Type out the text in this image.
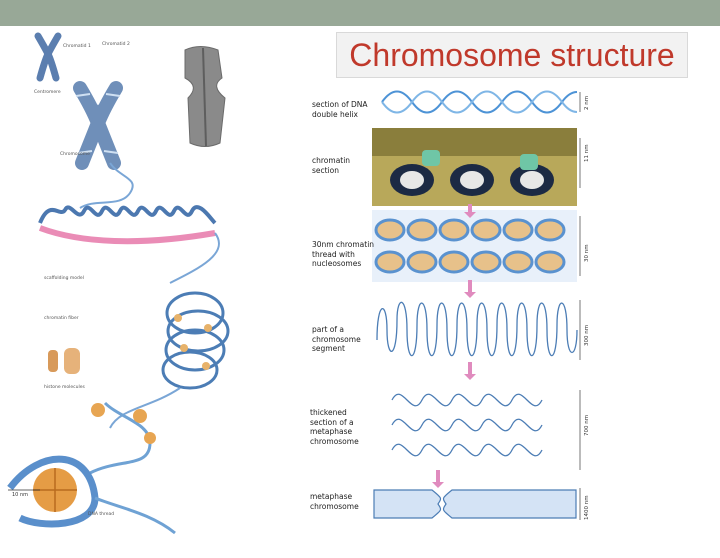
Chromosome structure
Chromatid 1 Chromatid 2
Centromere
Chromosome
scaffolding model
chromatin fiber
histone molecules
DNA thread
10 nm
section of DNA
double helix
chromatin
section
30nm chromatin
thread with
nucleosomes
part of a
chromosome
segment
thickened
section of a
metaphase
chromosome
metaphase
chromosome
2 nm
11 nm
30 nm
300 nm
700 nm
1400 nm
